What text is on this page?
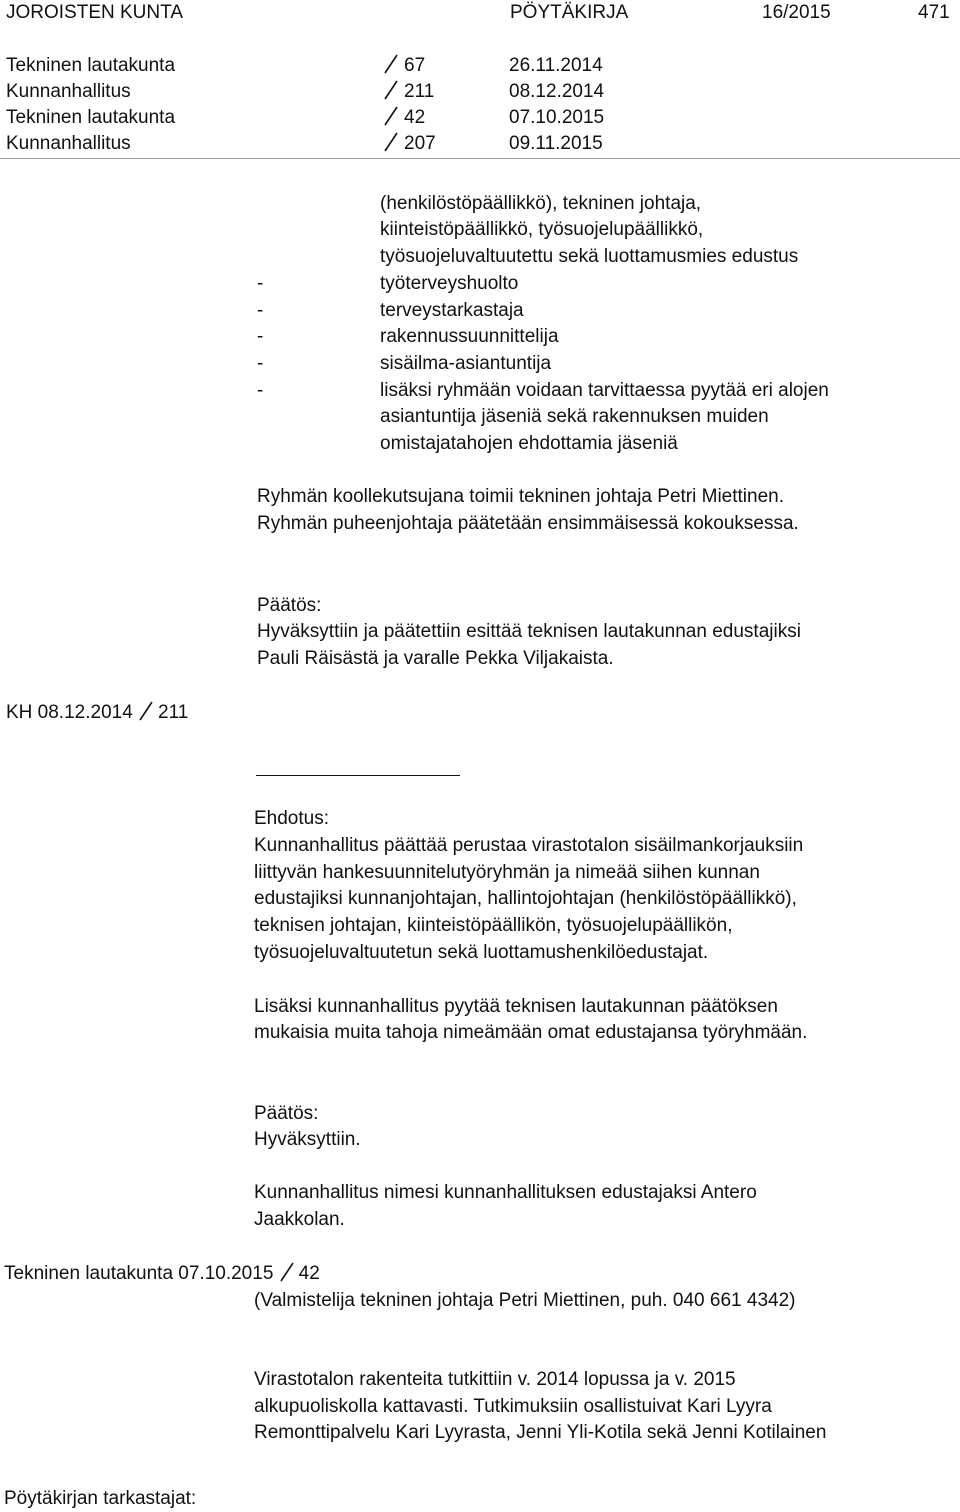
JOROISTEN KUNTA	PÖYTÄKIRJA	16/2015	471
Tekninen lautakunta	67	26.11.2014
Kunnanhallitus	211	08.12.2014
Tekninen lautakunta	42	07.10.2015
Kunnanhallitus	207	09.11.2015
(henkilöstöpäällikkö), tekninen johtaja,
kiinteistöpäällikkö, työsuojelupäällikkö,
työsuojeluvaltuutettu sekä luottamusmies edustus
-	työterveyshuolto
-	terveystarkastaja
-	rakennussuunnittelija
-	sisäilma-asiantuntija
-	lisäksi ryhmään voidaan tarvittaessa pyytää eri alojen
asiantuntija jäseniä sekä rakennuksen muiden
omistajatahojen ehdottamia jäseniä
Ryhmän koollekutsujana toimii tekninen johtaja Petri Miettinen.
Ryhmän puheenjohtaja päätetään ensimmäisessä kokouksessa.
Päätös:
Hyväksyttiin ja päätettiin esittää teknisen lautakunnan edustajiksi
Pauli Räisästä ja varalle Pekka Viljakaista.
KH 08.12.2014 211
Ehdotus:
Kunnanhallitus päättää perustaa virastotalon sisäilmankorjauksiin
liittyvän hankesuunnitelutyöryhmän ja nimeää siihen kunnan
edustajiksi kunnanjohtajan, hallintojohtajan (henkilöstöpäällikkö),
teknisen johtajan, kiinteistöpäällikön, työsuojelupäällikön,
työsuojeluvaltuutetun sekä luottamushenkilöedustajat.
Lisäksi kunnanhallitus pyytää teknisen lautakunnan päätöksen
mukaisia muita tahoja nimeämään omat edustajansa työryhmään.
Päätös:
Hyväksyttiin.
Kunnanhallitus nimesi kunnanhallituksen edustajaksi Antero
Jaakkolan.
Tekninen lautakunta 07.10.2015 42
(Valmistelija tekninen johtaja Petri Miettinen, puh. 040 661 4342)
Virastotalon rakenteita tutkittiin v. 2014 lopussa ja v. 2015
alkupuoliskolla kattavasti. Tutkimuksiin osallistuivat Kari Lyyra
Remonttipalvelu Kari Lyyrasta, Jenni Yli-Kotila sekä Jenni Kotilainen
Pöytäkirjan tarkastajat:
